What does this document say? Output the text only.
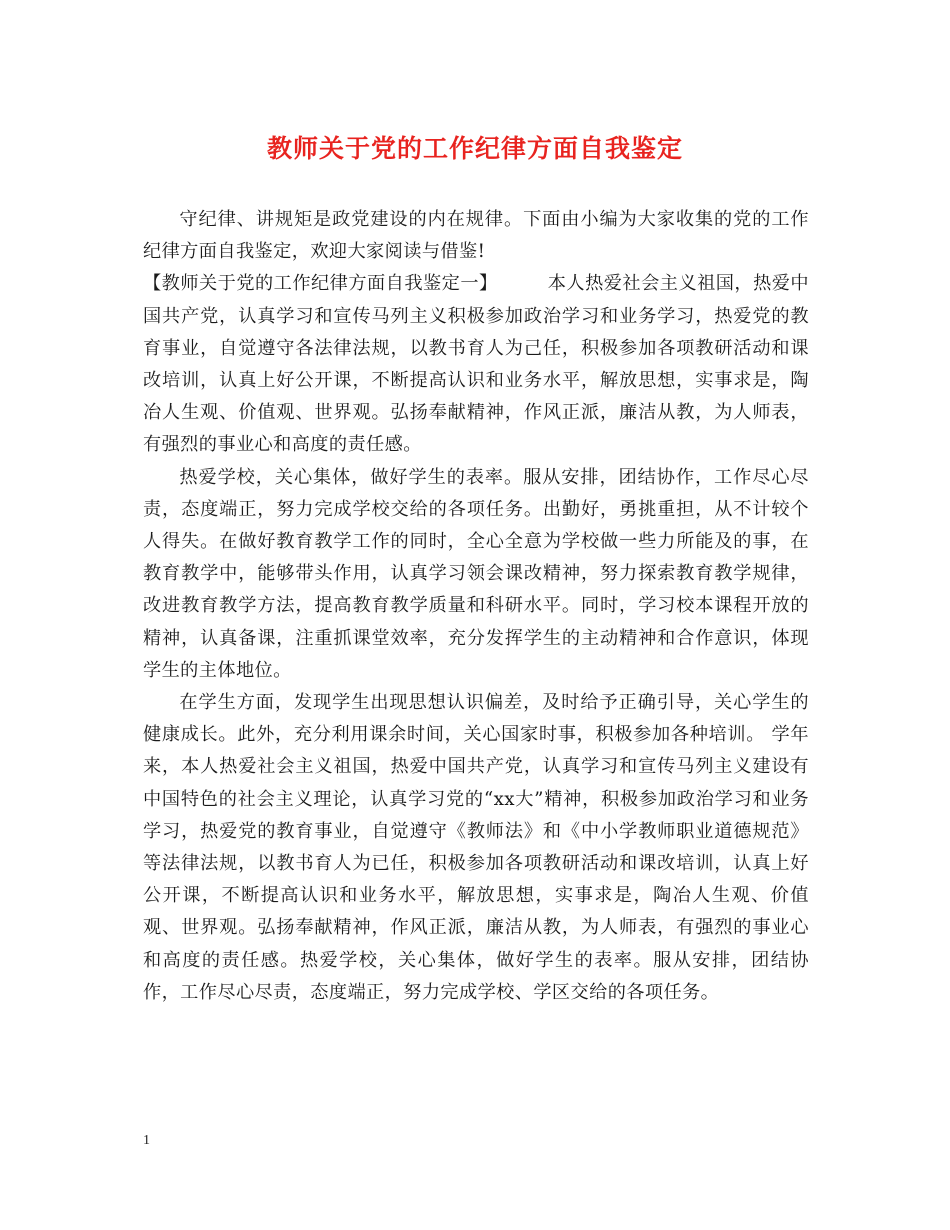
教师关于党的工作纪律方面自我鉴定

守纪律、讲规矩是政党建设的内在规律。下面由小编为大家收集的党的工作纪律方面自我鉴定，欢迎大家阅读与借鉴!

【教师关于党的工作纪律方面自我鉴定一】	本人热爱社会主义祖国，热爱中国共产党，认真学习和宣传马列主义积极参加政治学习和业务学习，热爱党的教育事业，自觉遵守各法律法规，以教书育人为己任，积极参加各项教研活动和课改培训，认真上好公开课，不断提高认识和业务水平，解放思想，实事求是，陶冶人生观、价值观、世界观。弘扬奉献精神，作风正派，廉洁从教，为人师表，有强烈的事业心和高度的责任感。

热爱学校，关心集体，做好学生的表率。服从安排，团结协作，工作尽心尽责，态度端正，努力完成学校交给的各项任务。出勤好，勇挑重担，从不计较个人得失。在做好教育教学工作的同时，全心全意为学校做一些力所能及的事，在教育教学中，能够带头作用，认真学习领会课改精神，努力探索教育教学规律，改进教育教学方法，提高教育教学质量和科研水平。同时，学习校本课程开放的精神，认真备课，注重抓课堂效率，充分发挥学生的主动精神和合作意识，体现学生的主体地位。

在学生方面，发现学生出现思想认识偏差，及时给予正确引导，关心学生的健康成长。此外，充分利用课余时间，关心国家时事，积极参加各种培训。 学年来，本人热爱社会主义祖国，热爱中国共产党，认真学习和宣传马列主义建设有中国特色的社会主义理论，认真学习党的“xx大”精神，积极参加政治学习和业务学习，热爱党的教育事业，自觉遵守《教师法》和《中小学教师职业道德规范》等法律法规，以教书育人为已任，积极参加各项教研活动和课改培训，认真上好公开课，不断提高认识和业务水平，解放思想，实事求是，陶冶人生观、价值观、世界观。弘扬奉献精神，作风正派，廉洁从教，为人师表，有强烈的事业心和高度的责任感。热爱学校，关心集体，做好学生的表率。服从安排，团结协作，工作尽心尽责，态度端正，努力完成学校、学区交给的各项任务。

1
